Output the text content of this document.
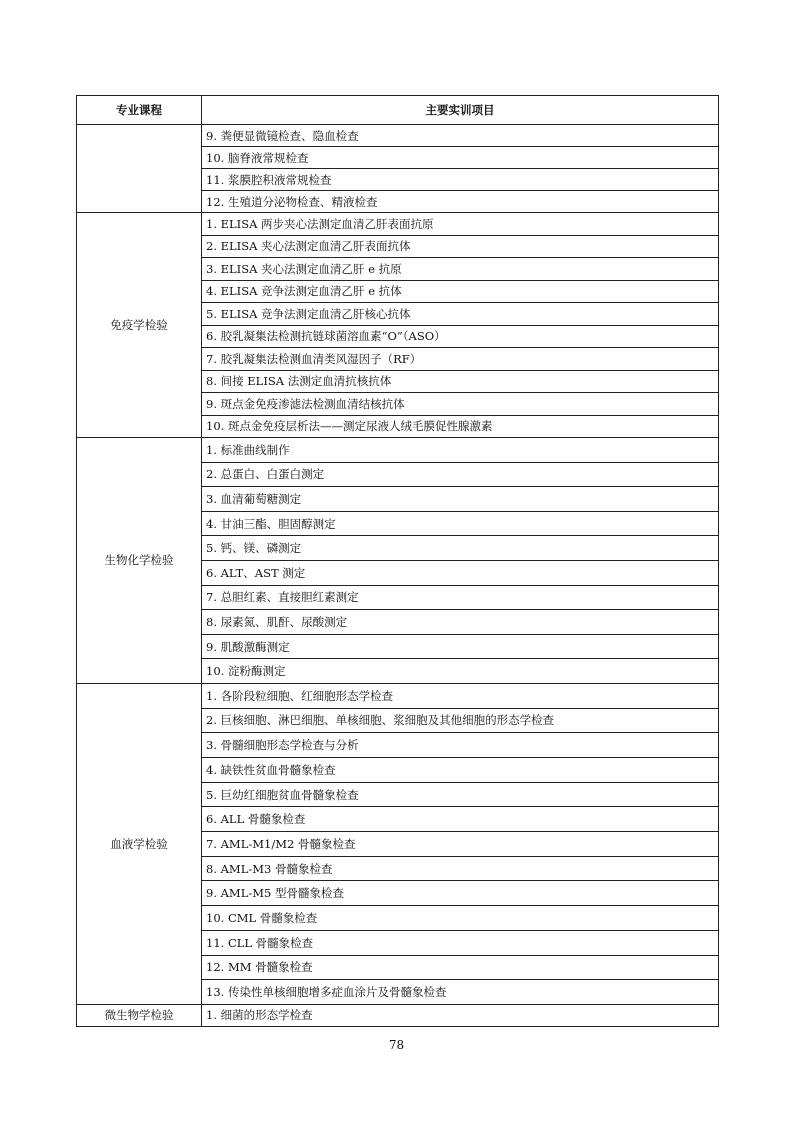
专业课程	主要实训项目
	9. 粪便显微镜检查、隐血检查
	10. 脑脊液常规检查
	11. 浆膜腔积液常规检查
	12. 生殖道分泌物检查、精液检查
免疫学检验	1. ELISA 两步夹心法测定血清乙肝表面抗原
	2. ELISA 夹心法测定血清乙肝表面抗体
	3. ELISA 夹心法测定血清乙肝 e 抗原
	4. ELISA 竞争法测定血清乙肝 e 抗体
	5. ELISA 竞争法测定血清乙肝核心抗体
	6. 胶乳凝集法检测抗链球菌溶血素“O”（ASO）
	7. 胶乳凝集法检测血清类风湿因子（RF）
	8. 间接 ELISA 法测定血清抗核抗体
	9. 斑点金免疫渗滤法检测血清结核抗体
	10. 斑点金免疫层析法——测定尿液人绒毛膜促性腺激素
生物化学检验	1. 标准曲线制作
	2. 总蛋白、白蛋白测定
	3. 血清葡萄糖测定
	4. 甘油三酯、胆固醇测定
	5. 钙、镁、磷测定
	6. ALT、AST 测定
	7. 总胆红素、直接胆红素测定
	8. 尿素氮、肌酐、尿酸测定
	9. 肌酸激酶测定
	10. 淀粉酶测定
血液学检验	1. 各阶段粒细胞、红细胞形态学检查
	2. 巨核细胞、淋巴细胞、单核细胞、浆细胞及其他细胞的形态学检查
	3. 骨髓细胞形态学检查与分析
	4. 缺铁性贫血骨髓象检查
	5. 巨幼红细胞贫血骨髓象检查
	6. ALL 骨髓象检查
	7. AML-M1/M2 骨髓象检查
	8. AML-M3 骨髓象检查
	9. AML-M5 型骨髓象检查
	10. CML 骨髓象检查
	11. CLL 骨髓象检查
	12. MM 骨髓象检查
	13. 传染性单核细胞增多症血涂片及骨髓象检查
微生物学检验	1. 细菌的形态学检查
78
